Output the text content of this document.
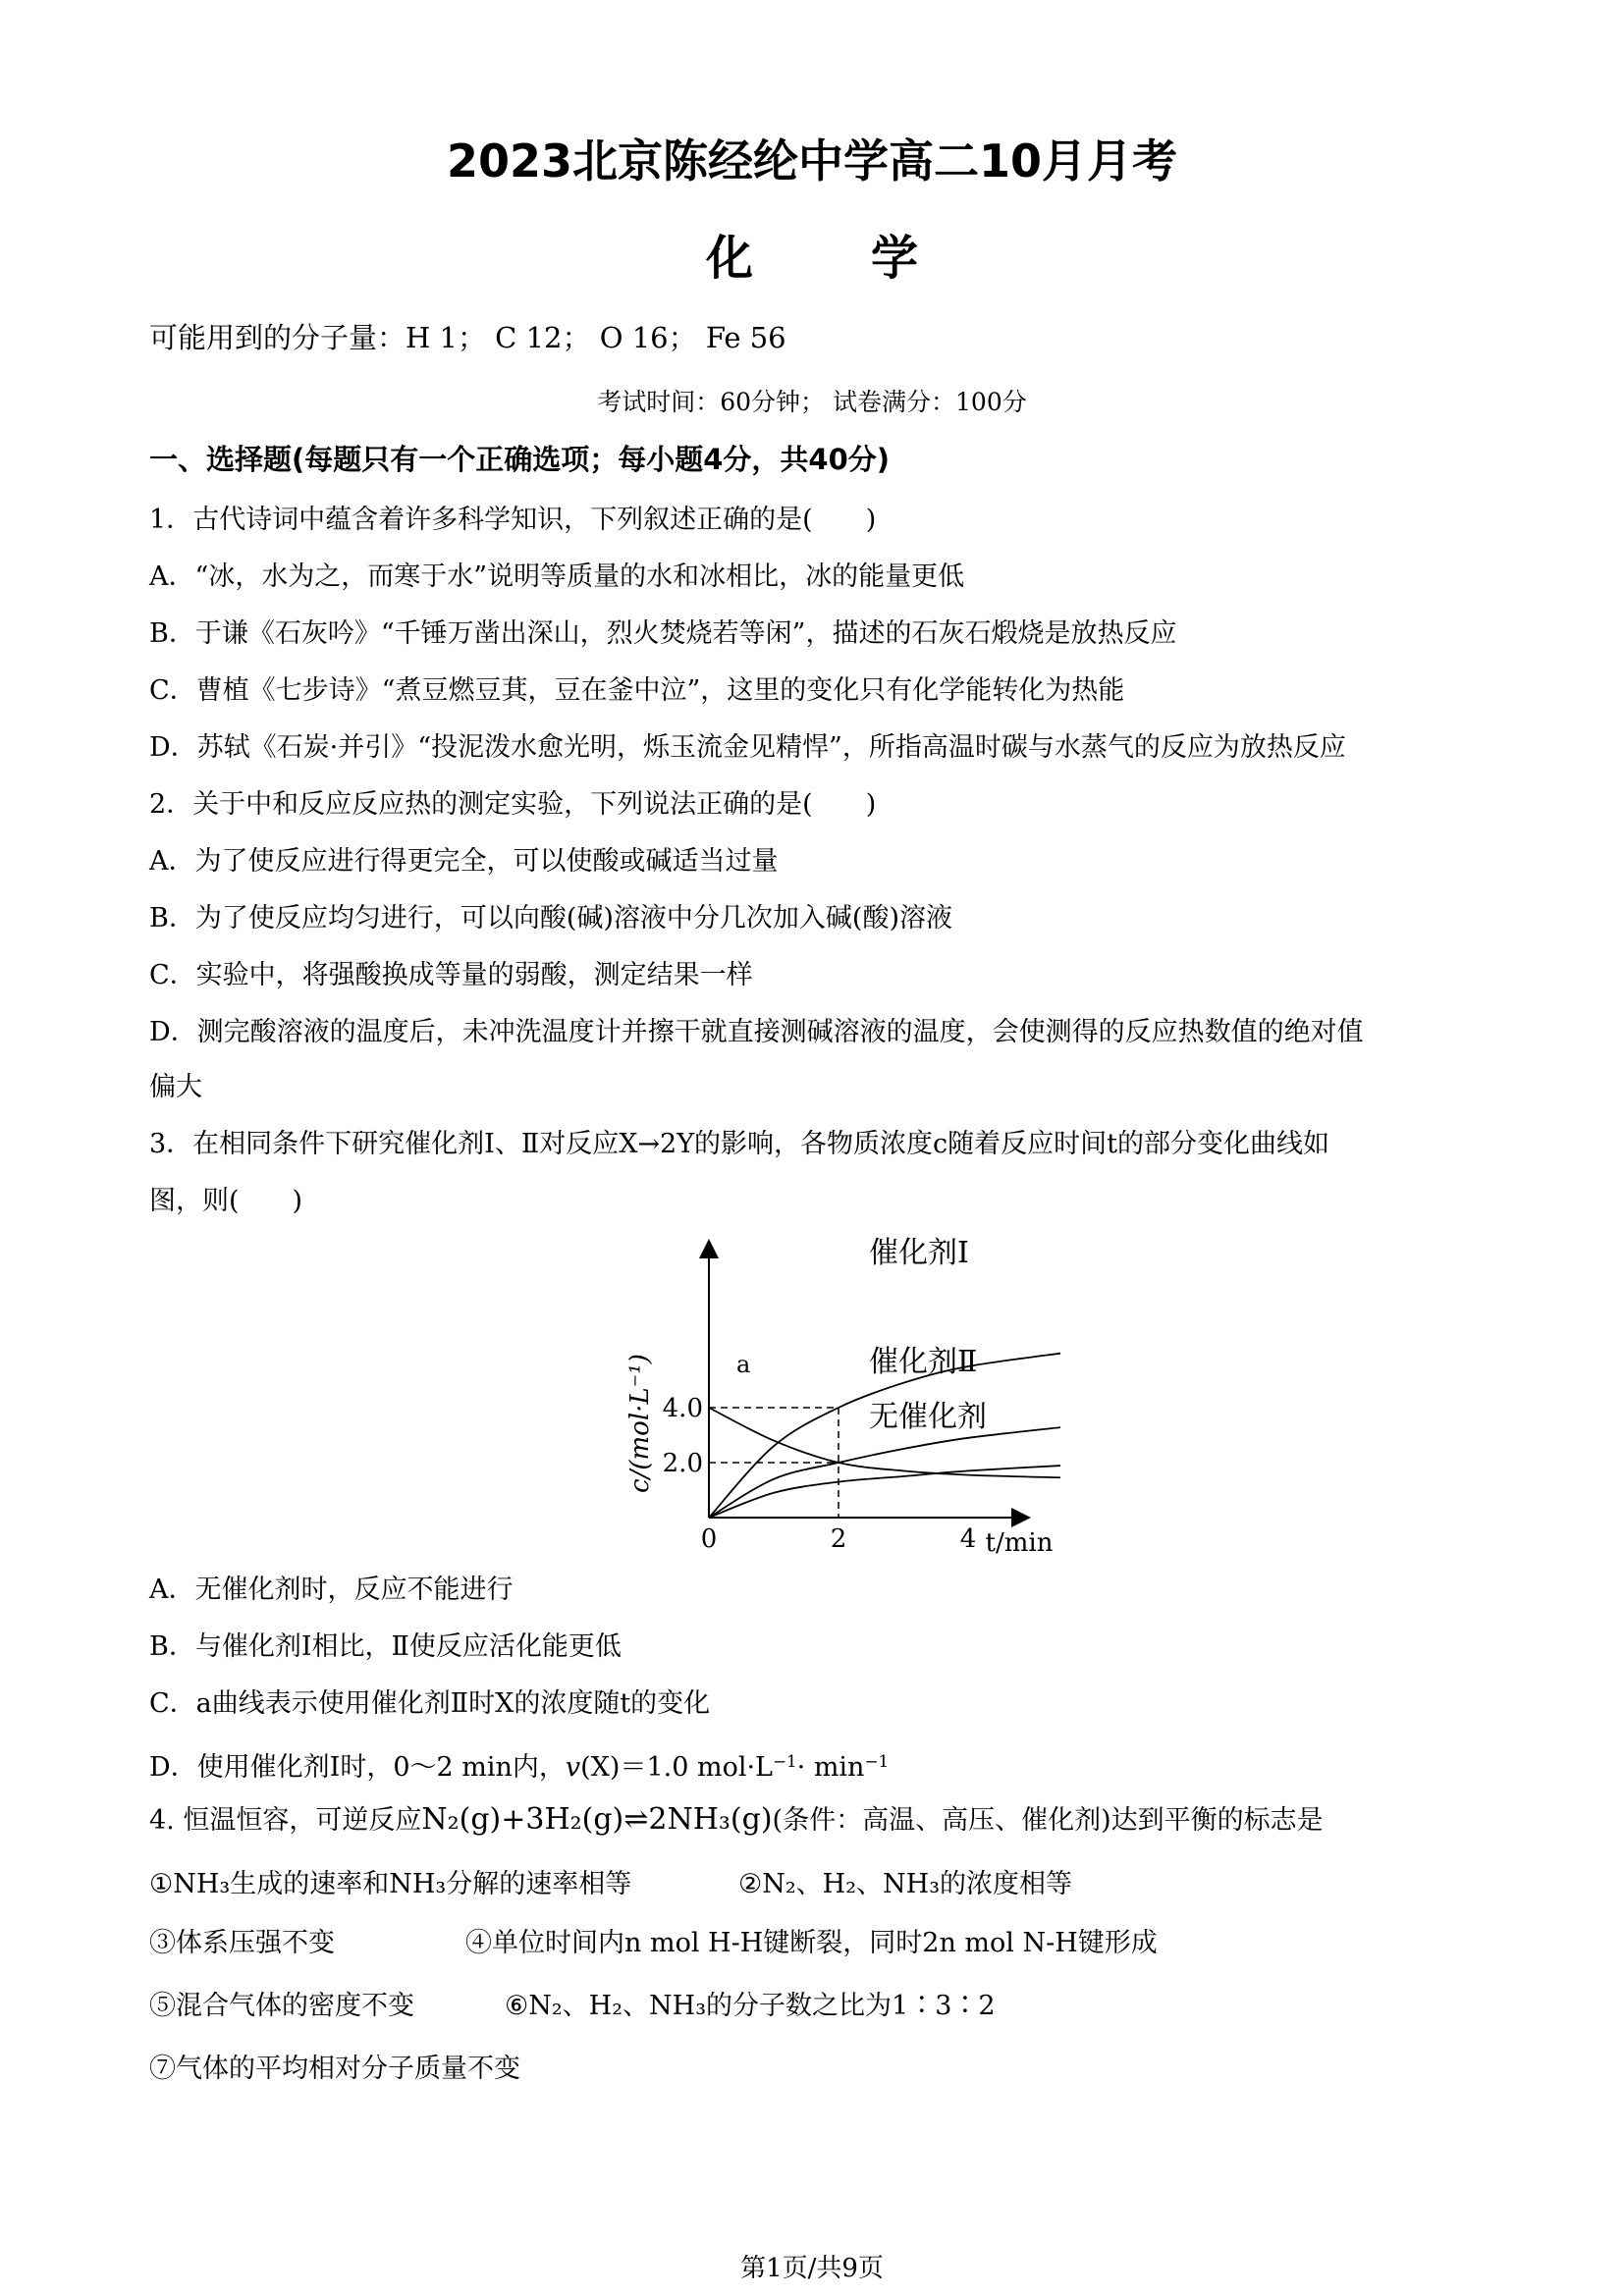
2023北京陈经纶中学高二10月月考
化	学
可能用到的分子量：H 1； C 12； O 16； Fe 56
考试时间：60分钟； 试卷满分：100分
一、选择题(每题只有一个正确选项；每小题4分，共40分)
1．古代诗词中蕴含着许多科学知识，下列叙述正确的是(　　)
A．“冰，水为之，而寒于水”说明等质量的水和冰相比，冰的能量更低
B．于谦《石灰吟》“千锤万凿出深山，烈火焚烧若等闲”，描述的石灰石煅烧是放热反应
C．曹植《七步诗》“煮豆燃豆萁，豆在釜中泣”，这里的变化只有化学能转化为热能
D．苏轼《石炭·并引》“投泥泼水愈光明，烁玉流金见精悍”，所指高温时碳与水蒸气的反应为放热反应
2．关于中和反应反应热的测定实验，下列说法正确的是(　　)
A．为了使反应进行得更完全，可以使酸或碱适当过量
B．为了使反应均匀进行，可以向酸(碱)溶液中分几次加入碱(酸)溶液
C．实验中，将强酸换成等量的弱酸，测定结果一样
D．测完酸溶液的温度后，未冲洗温度计并擦干就直接测碱溶液的温度，会使测得的反应热数值的绝对值
偏大
3．在相同条件下研究催化剂Ⅰ、Ⅱ对反应X→2Y的影响，各物质浓度c随着反应时间t的部分变化曲线如
图，则(　　)
0	2	4
2.0
4.0
催化剂Ⅰ
催化剂Ⅱ
无催化剂
a
c/(mol·L⁻¹)
t/min
A．无催化剂时，反应不能进行
B．与催化剂Ⅰ相比，Ⅱ使反应活化能更低
C．a曲线表示使用催化剂Ⅱ时X的浓度随t的变化
D．使用催化剂Ⅰ时，0～2 min内，v(X)＝1.0 $mol\cdot L^{-1}\cdot \min^{-1}$
4. 恒温恒容，可逆反应N₂(g)+3H₂(g)⇌2NH₃(g)(条件：高温、高压、催化剂)达到平衡的标志是
①NH₃生成的速率和NH₃分解的速率相等	②N₂、H₂、NH₃的浓度相等
③体系压强不变	④单位时间内n mol H-H键断裂，同时2n mol N-H键形成
⑤混合气体的密度不变	⑥N₂、H₂、NH₃的分子数之比为1∶3∶2
⑦气体的平均相对分子质量不变
第1页/共9页
